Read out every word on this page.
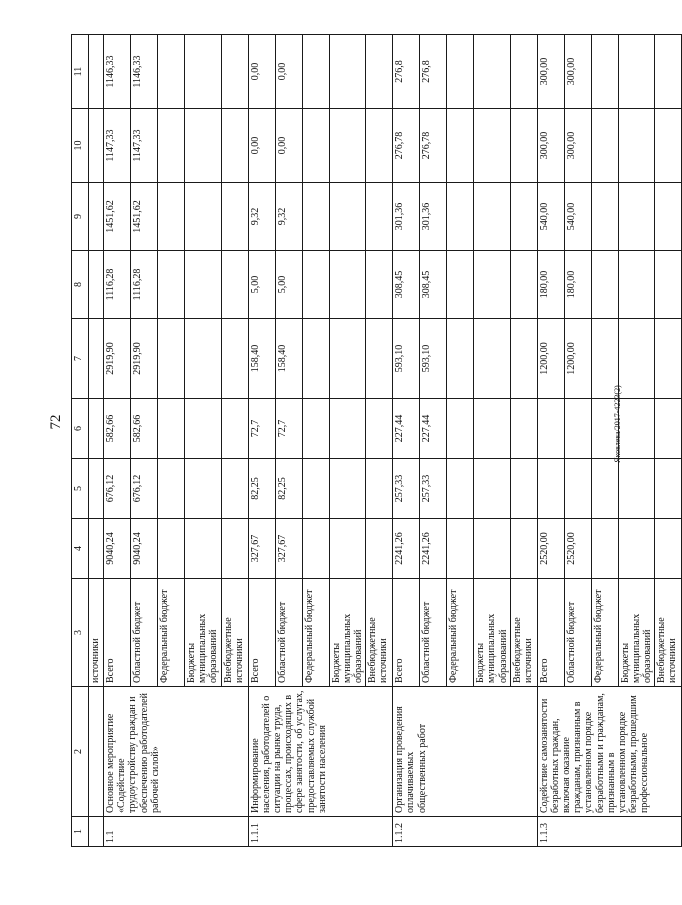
72	Яковлева/2017-4223(2)
1	2	3	4	5	6	7	8	9	10	11
		источники								
1.1	Основное мероприятие «Содействие трудоустройству граждан и обеспечению работодателей рабочей силой»	Всего	9040,24	676,12	582,66	2919,90	1116,28	1451,62	1147,33	1146,33
		Областной бюджет	9040,24	676,12	582,66	2919,90	1116,28	1451,62	1147,33	1146,33
		Федеральный бюджет								
		Бюджеты муниципальных образований								
		Внебюджетные источники								
1.1.1	Информирование населения, работодателей о ситуации на рынке труда, процессах, происходящих в сфере занятости, об услугах, предоставляемых службой занятости населения	Всего	327,67	82,25	72,7	158,40	5,00	9,32	0,00	0,00
		Областной бюджет	327,67	82,25	72,7	158,40	5,00	9,32	0,00	0,00
		Федеральный бюджет								
		Бюджеты муниципальных образований								
		Внебюджетные источники								
1.1.2	Организация проведения оплачиваемых общественных работ	Всего	2241,26	257,33	227,44	593,10	308,45	301,36	276,78	276,8
		Областной бюджет	2241,26	257,33	227,44	593,10	308,45	301,36	276,78	276,8
		Федеральный бюджет								
		Бюджеты муниципальных образований								
		Внебюджетные источники								
1.1.3	Содействие самозанятости безработных граждан, включая оказание гражданам, признанным в установленном порядке безработными и гражданам, признанным в установленном порядке безработными, прошедшим профессиональное	Всего	2520,00			1200,00	180,00	540,00	300,00	300,00
		Областной бюджет	2520,00			1200,00	180,00	540,00	300,00	300,00
		Федеральный бюджет								
		Бюджеты муниципальных образований								
		Внебюджетные источники								
